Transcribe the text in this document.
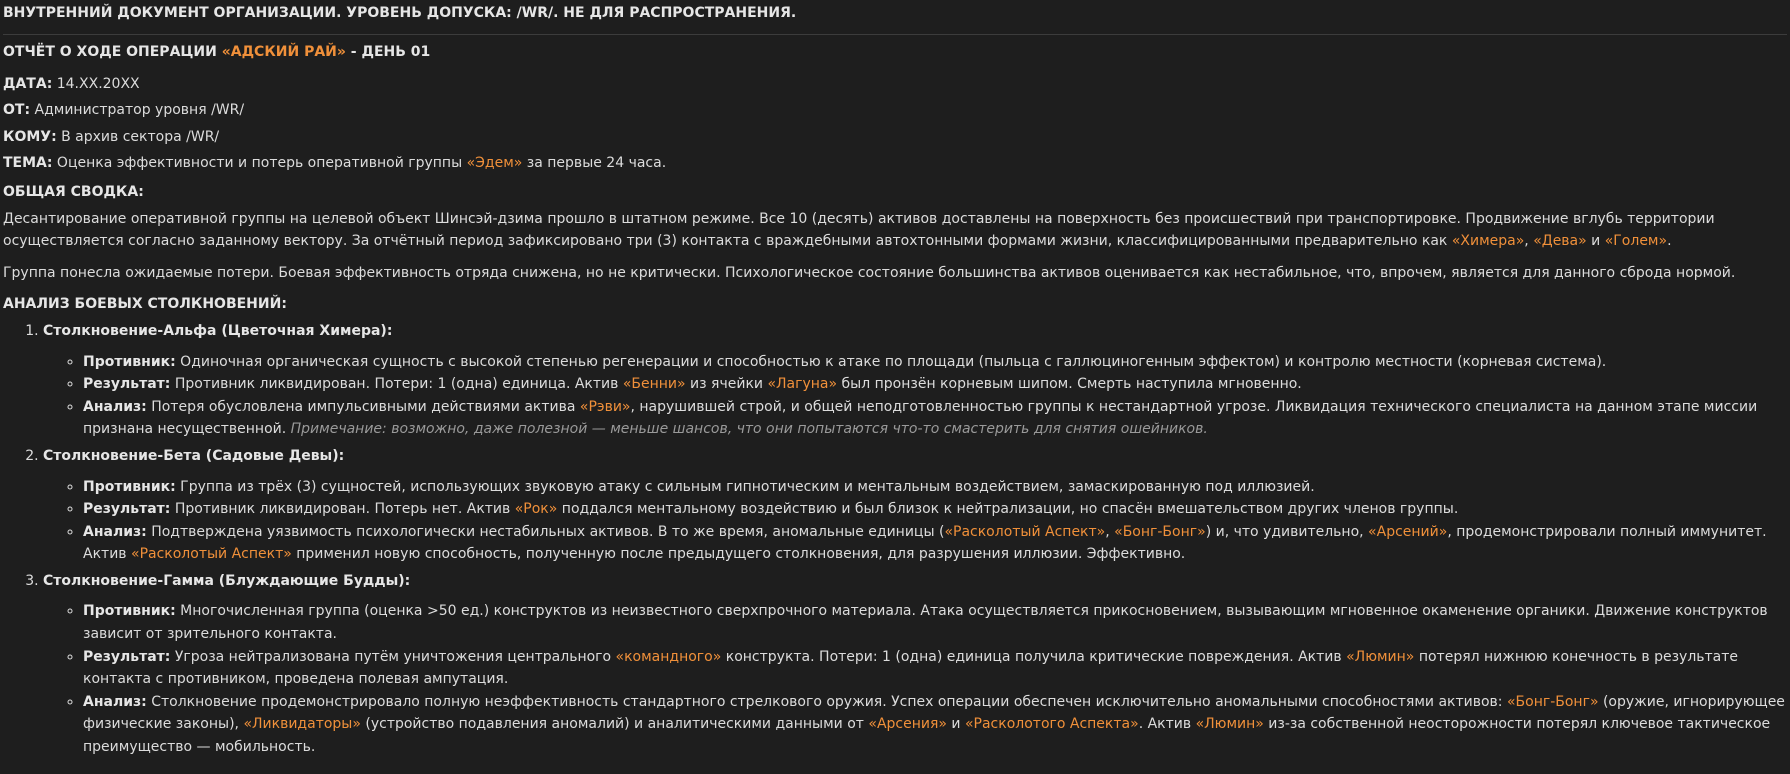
ВНУТРЕННИЙ ДОКУМЕНТ ОРГАНИЗАЦИИ. УРОВЕНЬ ДОПУСКА: /WR/. НЕ ДЛЯ РАСПРОСТРАНЕНИЯ.
ОТЧЁТ О ХОДЕ ОПЕРАЦИИ «АДСКИЙ РАЙ» - ДЕНЬ 01
ДАТА: 14.XX.20XX
ОТ: Администратор уровня /WR/
КОМУ: В архив сектора /WR/
ТЕМА: Оценка эффективности и потерь оперативной группы «Эдем» за первые 24 часа.
ОБЩАЯ СВОДКА:
Десантирование оперативной группы на целевой объект Шинсэй-дзима прошло в штатном режиме. Все 10 (десять) активов доставлены на поверхность без происшествий при транспортировке. Продвижение вглубь территории осуществляется согласно заданному вектору. За отчётный период зафиксировано три (3) контакта с враждебными автохтонными формами жизни, классифицированными предварительно как «Химера», «Дева» и «Голем».
Группа понесла ожидаемые потери. Боевая эффективность отряда снижена, но не критически. Психологическое состояние большинства активов оценивается как нестабильное, что, впрочем, является для данного сброда нормой.
АНАЛИЗ БОЕВЫХ СТОЛКНОВЕНИЙ:
1. Столкновение-Альфа (Цветочная Химера):
◦ Противник: Одиночная органическая сущность с высокой степенью регенерации и способностью к атаке по площади (пыльца с галлюциногенным эффектом) и контролю местности (корневая система).
◦ Результат: Противник ликвидирован. Потери: 1 (одна) единица. Актив «Бенни» из ячейки «Лагуна» был пронзён корневым шипом. Смерть наступила мгновенно.
◦ Анализ: Потеря обусловлена импульсивными действиями актива «Рэви», нарушившей строй, и общей неподготовленностью группы к нестандартной угрозе. Ликвидация технического специалиста на данном этапе миссии признана несущественной. Примечание: возможно, даже полезной — меньше шансов, что они попытаются что-то смастерить для снятия ошейников.
2. Столкновение-Бета (Садовые Девы):
◦ Противник: Группа из трёх (3) сущностей, использующих звуковую атаку с сильным гипнотическим и ментальным воздействием, замаскированную под иллюзией.
◦ Результат: Противник ликвидирован. Потерь нет. Актив «Рок» поддался ментальному воздействию и был близок к нейтрализации, но спасён вмешательством других членов группы.
◦ Анализ: Подтверждена уязвимость психологически нестабильных активов. В то же время, аномальные единицы («Расколотый Аспект», «Бонг-Бонг») и, что удивительно, «Арсений», продемонстрировали полный иммунитет. Актив «Расколотый Аспект» применил новую способность, полученную после предыдущего столкновения, для разрушения иллюзии. Эффективно.
3. Столкновение-Гамма (Блуждающие Будды):
◦ Противник: Многочисленная группа (оценка >50 ед.) конструктов из неизвестного сверхпрочного материала. Атака осуществляется прикосновением, вызывающим мгновенное окаменение органики. Движение конструктов зависит от зрительного контакта.
◦ Результат: Угроза нейтрализована путём уничтожения центрального «командного» конструкта. Потери: 1 (одна) единица получила критические повреждения. Актив «Люмин» потерял нижнюю конечность в результате контакта с противником, проведена полевая ампутация.
◦ Анализ: Столкновение продемонстрировало полную неэффективность стандартного стрелкового оружия. Успех операции обеспечен исключительно аномальными способностями активов: «Бонг-Бонг» (оружие, игнорирующее физические законы), «Ликвидаторы» (устройство подавления аномалий) и аналитическими данными от «Арсения» и «Расколотого Аспекта». Актив «Люмин» из-за собственной неосторожности потерял ключевое тактическое преимущество — мобильность.
